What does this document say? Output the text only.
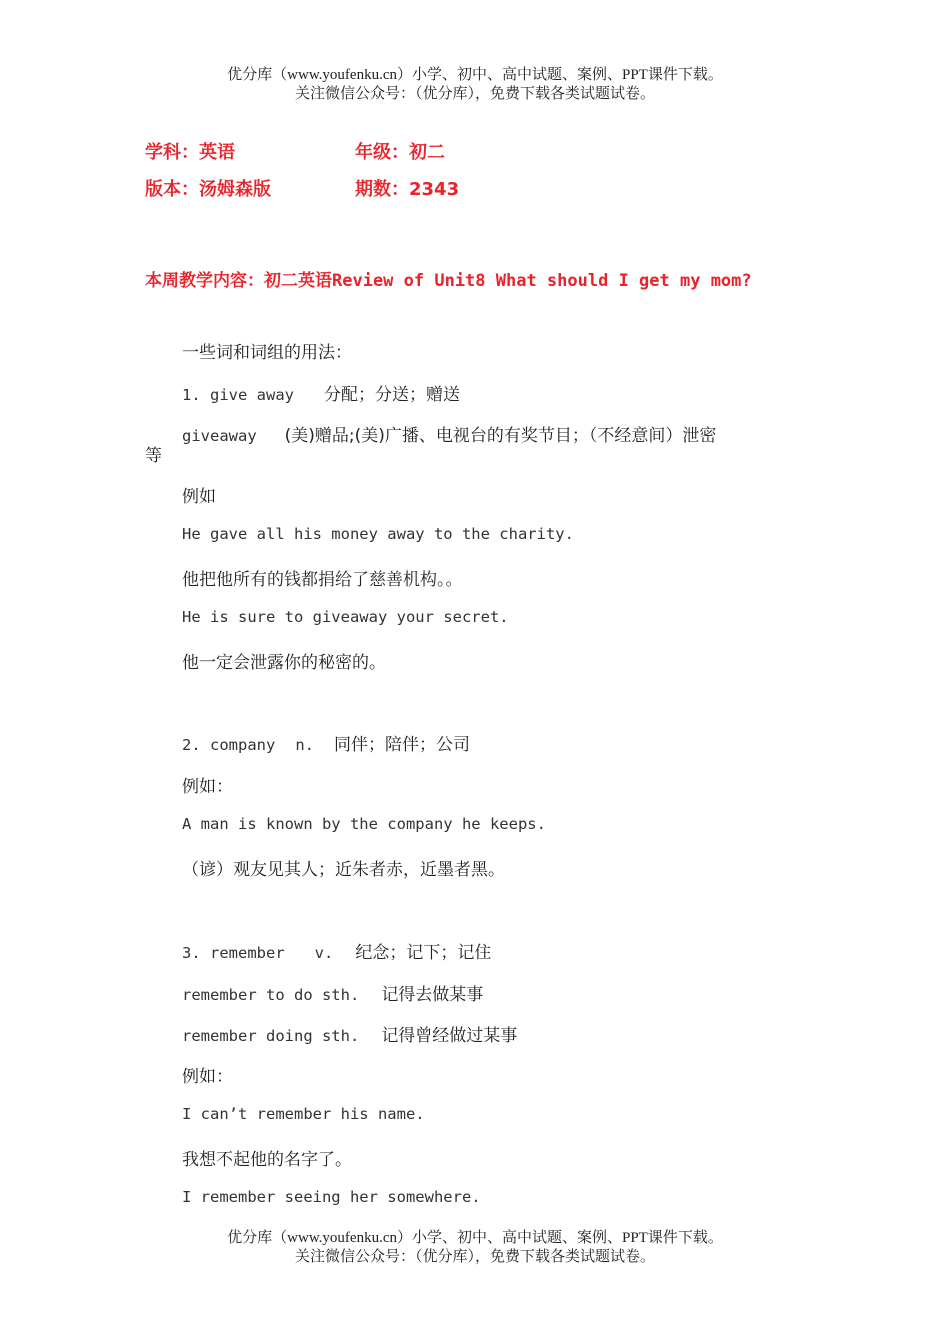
优分库（www.youfenku.cn）小学、初中、高中试题、案例、PPT课件下载。
关注微信公众号：（优分库），免费下载各类试题试卷。
学科：英语	年级：初二
版本：汤姆森版	期数：2343
本周教学内容：初二英语Review of Unit8 What should I get my mom?
一些词和词组的用法：
1. give away 分配；分送；赠送
giveaway (美)赠品;(美)广播、电视台的有奖节目；（不经意间）泄密
等
例如
He gave all his money away to the charity.
他把他所有的钱都捐给了慈善机构。。
He is sure to giveaway your secret.
他一定会泄露你的秘密的。
2. company n. 同伴；陪伴；公司
例如：
A man is known by the company he keeps.
（谚）观友见其人；近朱者赤，近墨者黑。
3. remember v. 纪念；记下；记住
remember to do sth. 记得去做某事
remember doing sth. 记得曾经做过某事
例如：
I can’t remember his name.
我想不起他的名字了。
I remember seeing her somewhere.
优分库（www.youfenku.cn）小学、初中、高中试题、案例、PPT课件下载。
关注微信公众号：（优分库），免费下载各类试题试卷。
